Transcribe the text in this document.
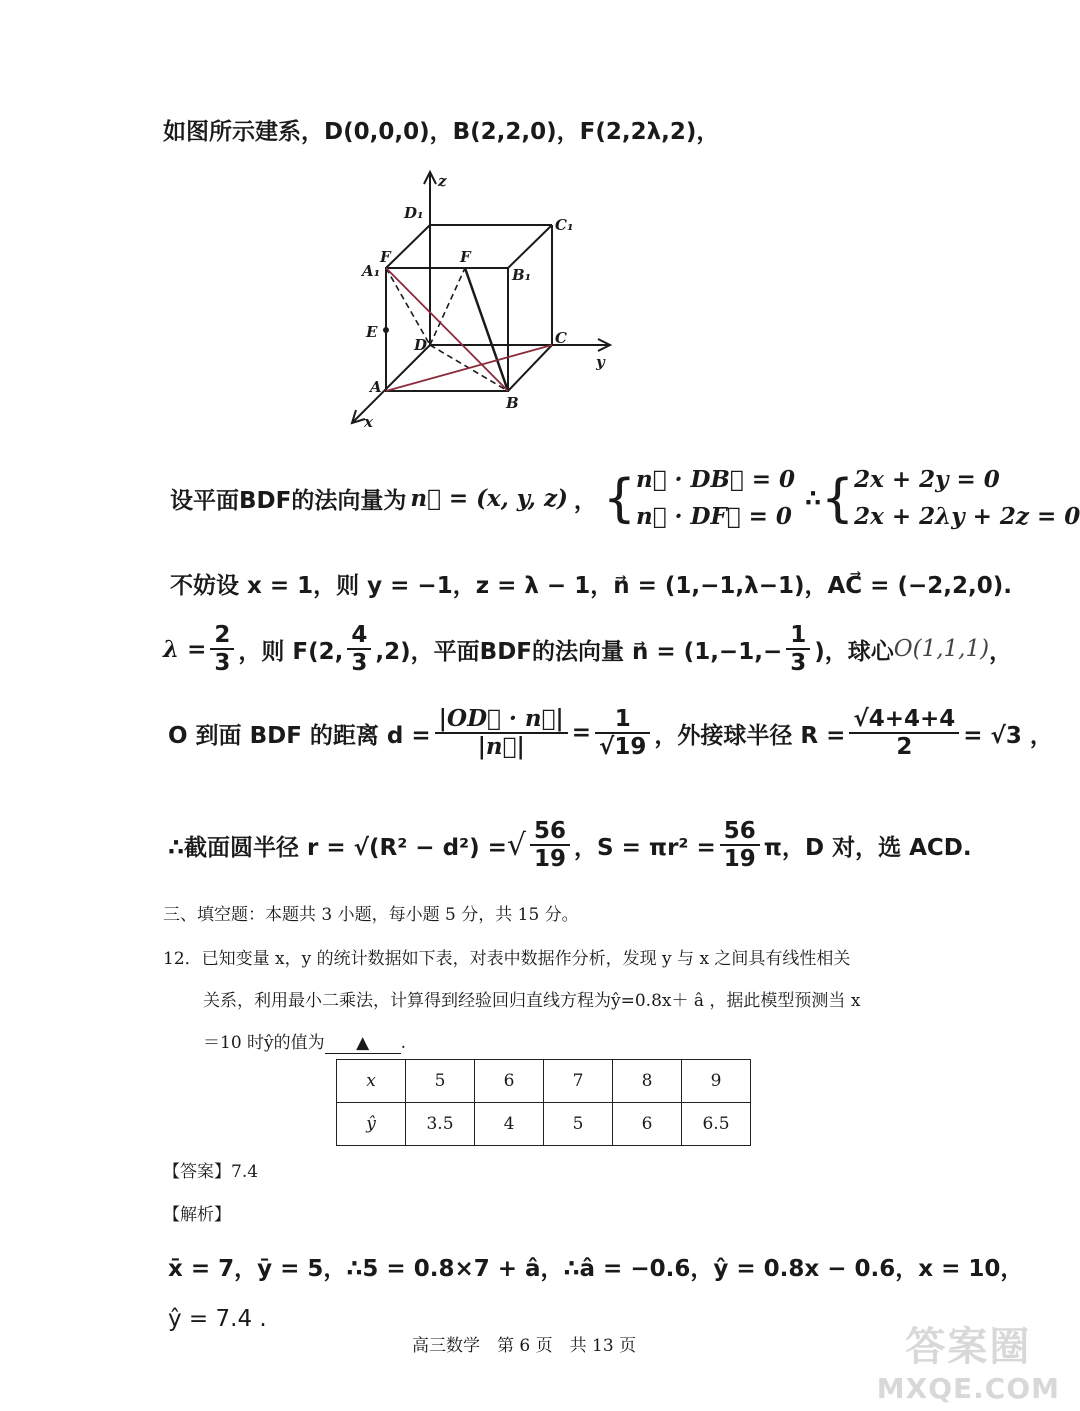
如图所示建系，D(0,0,0)，B(2,2,0)，F(2,2λ,2)，
z
y
x
D₁
C₁
A₁
F	F
B₁
E
D	C
A
B
设平面BDF的法向量为 n⃗ = (x, y, z) ， { n⃗ · DB⃗ = 0
n⃗ · DF⃗ = 0
∴ { 2x + 2y = 0
2x + 2λy + 2z = 0
不妨设 x = 1，则 y = −1，z = λ − 1，n⃗ = (1,−1,λ−1)，AC⃗ = (−2,2,0).
$\lambda = \frac{2}{3}$ ，则 F(2, $\frac{4}{3} ,2$)，平面BDF的法向量 n⃗ = ($1,-1,- \frac{1}{3}$ )，球心 O(1,1,1) ，
O 到面 BDF 的距离 $d = \frac{|OD⃗ \cdot n⃗|}{|n⃗|} = \frac{1}{√19}$ ，外接球半径 $R = \frac{√4+4+4}{2} = √3$ ，
∴截面圆半径 r = √(R² − d²) = √ $\frac{56}{19}$ ，$S = \pi r^2 = \frac{56}{19}$ π，D 对，选 ACD.
三、填空题：本题共 3 小题，每小题 5 分，共 15 分。
12．已知变量 x，y 的统计数据如下表，对表中数据作分析，发现 y 与 x 之间具有线性相关
关系，利用最小二乘法，计算得到经验回归直线方程为ŷ=0.8x＋ â ，据此模型预测当 x
＝10 时ŷ的值为 ▲ .
x	5	6	7	8	9
ŷ	3.5	4	5	6	6.5
【答案】7.4
【解析】
x̄ = 7，ȳ = 5，∴5 = 0.8×7 + â，∴â = −0.6，ŷ = 0.8x − 0.6，x = 10，
ŷ = 7.4 .
高三数学　第 6 页　共 13 页	答案圈
MXQE.COM
